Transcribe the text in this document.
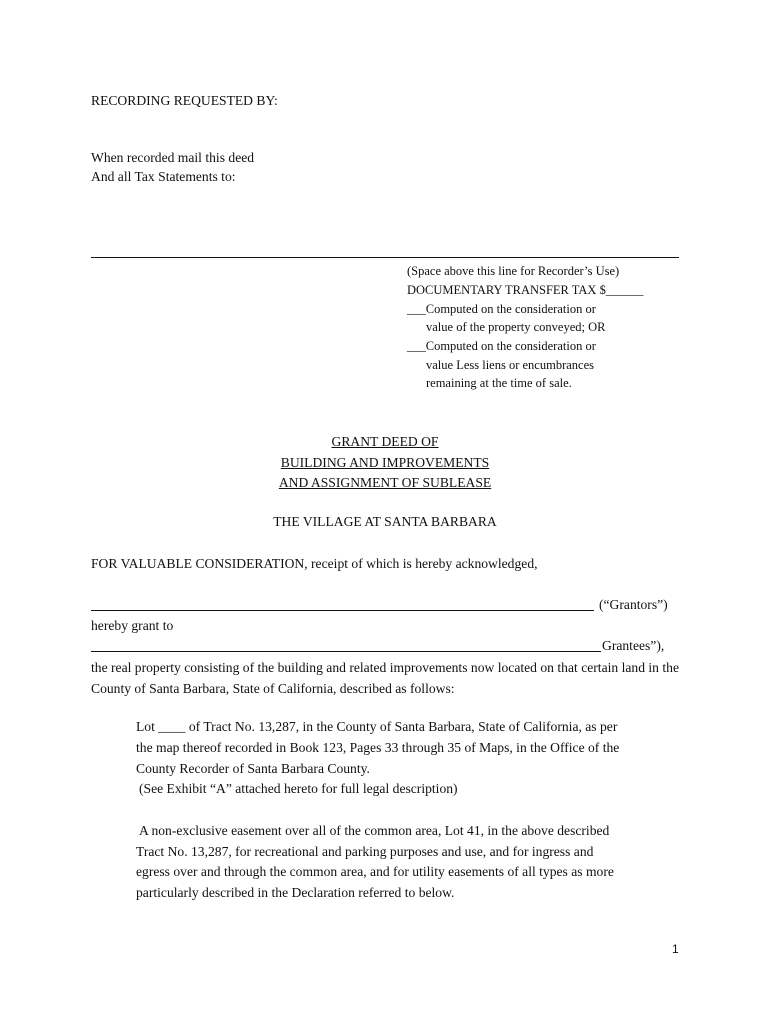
RECORDING REQUESTED BY:
When recorded mail this deed
And all Tax Statements to:
(Space above this line for Recorder’s Use)
DOCUMENTARY TRANSFER TAX $______
___Computed on the consideration or
value of the property conveyed; OR
___Computed on the consideration or
value Less liens or encumbrances
remaining at the time of sale.
GRANT DEED OF
BUILDING AND IMPROVEMENTS
AND ASSIGNMENT OF SUBLEASE
THE VILLAGE AT SANTA BARBARA
FOR VALUABLE CONSIDERATION, receipt of which is hereby acknowledged,
(“Grantors”)
hereby grant to
Grantees”),
the real property consisting of the building and related improvements now located on that certain land in the County of Santa Barbara, State of California, described as follows:
Lot ____ of Tract No. 13,287, in the County of Santa Barbara, State of California, as per
the map thereof recorded in Book 123, Pages 33 through 35 of Maps, in the Office of the
County Recorder of Santa Barbara County.
(See Exhibit “A” attached hereto for full legal description)
A non-exclusive easement over all of the common area, Lot 41, in the above described
Tract No. 13,287, for recreational and parking purposes and use, and for ingress and
egress over and through the common area, and for utility easements of all types as more
particularly described in the Declaration referred to below.
1
